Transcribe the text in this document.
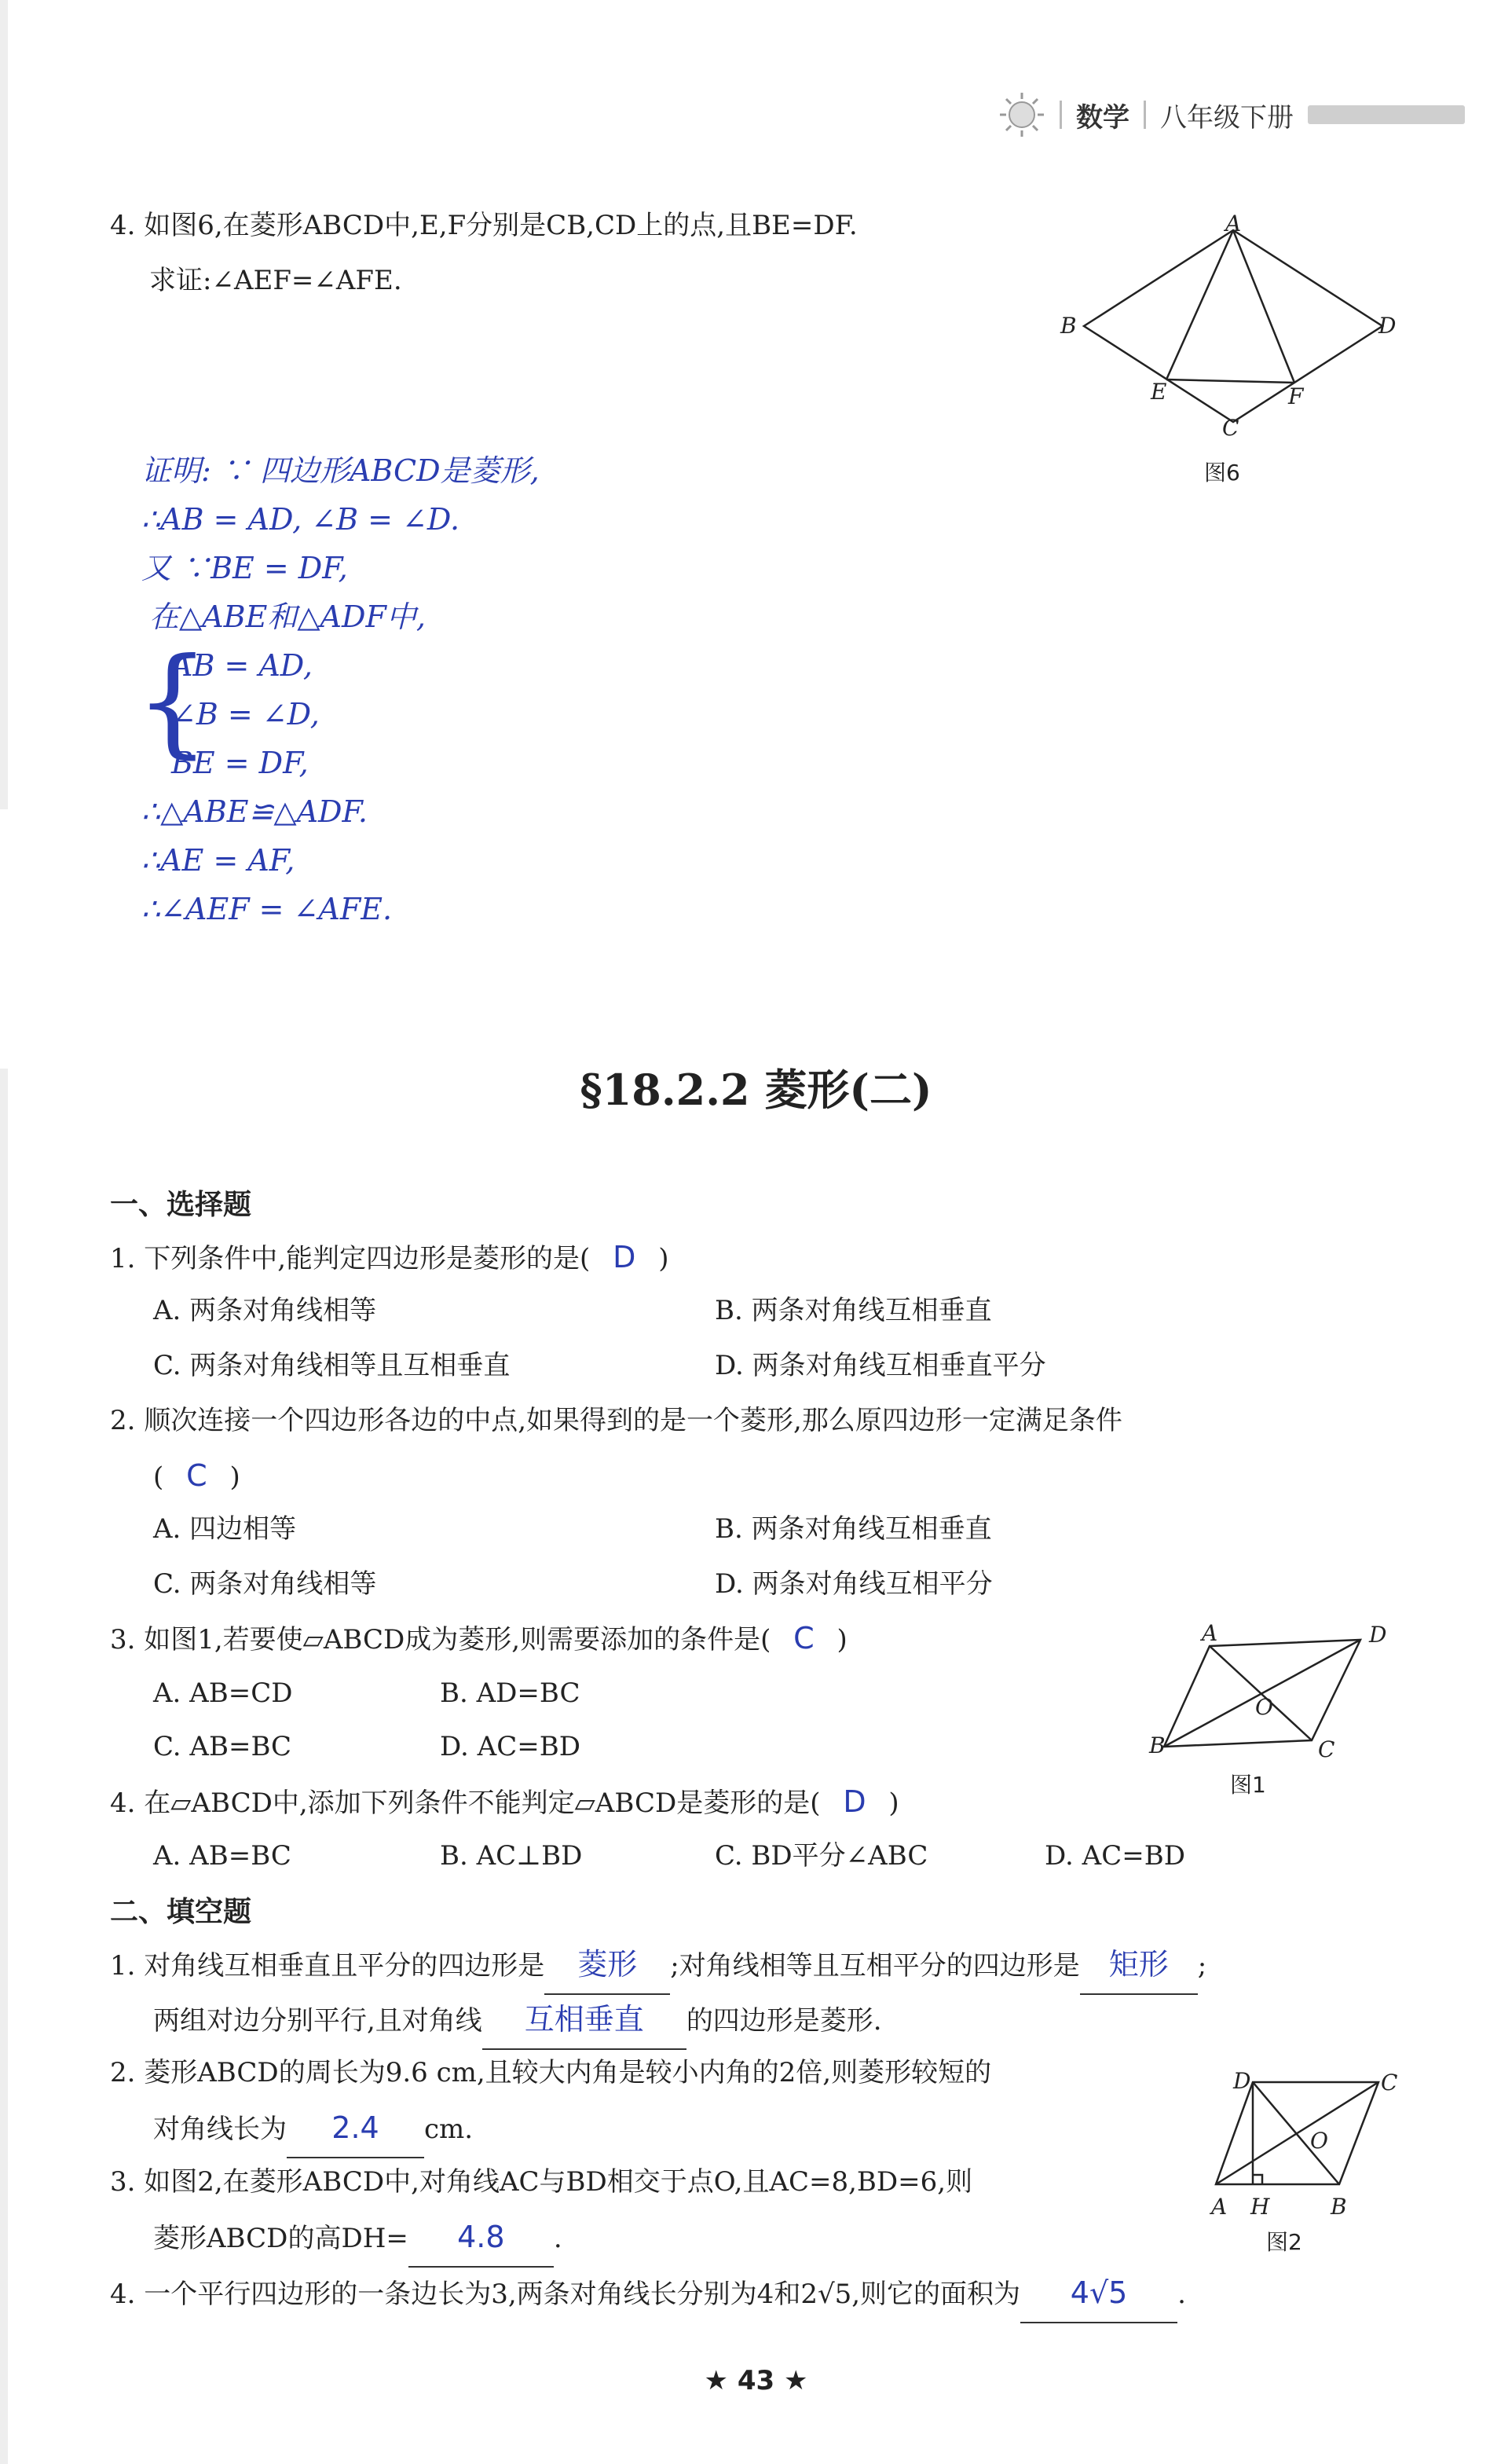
数学 八年级下册
4. 如图6,在菱形ABCD中,E,F分别是CB,CD上的点,且BE=DF.
求证:∠AEF=∠AFE.
A
B	D
E	F
C
图6
证明: ∵ 四边形ABCD是菱形,
∴AB = AD, ∠B = ∠D.
又 ∵BE = DF,
在△ABE和△ADF中,
{
AB = AD,
∠B = ∠D,
BE = DF,
∴△ABE≌△ADF.
∴AE = AF,
∴∠AEF = ∠AFE.
§18.2.2 菱形(二)
一、选择题
1. 下列条件中,能判定四边形是菱形的是( D )
A. 两条对角线相等	B. 两条对角线互相垂直
C. 两条对角线相等且互相垂直	D. 两条对角线互相垂直平分
2. 顺次连接一个四边形各边的中点,如果得到的是一个菱形,那么原四边形一定满足条件
( C )
A. 四边相等	B. 两条对角线互相垂直
C. 两条对角线相等	D. 两条对角线互相平分
3. 如图1,若要使▱ABCD成为菱形,则需要添加的条件是( C )
A. AB=CD	B. AD=BC
C. AB=BC	D. AC=BD
A	D
O
B	C
图1
4. 在▱ABCD中,添加下列条件不能判定▱ABCD是菱形的是( D )
A. AB=BC	B. AC⊥BD	C. BD平分∠ABC	D. AC=BD
二、填空题
1. 对角线互相垂直且平分的四边形是 菱形 ;对角线相等且互相平分的四边形是 矩形 ;
两组对边分别平行,且对角线 互相垂直 的四边形是菱形.
2. 菱形ABCD的周长为9.6 cm,且较大内角是较小内角的2倍,则菱形较短的
对角线长为 2.4 cm.
3. 如图2,在菱形ABCD中,对角线AC与BD相交于点O,且AC=8,BD=6,则
菱形ABCD的高DH= 4.8 .
D	C
O
A H	B
图2
4. 一个平行四边形的一条边长为3,两条对角线长分别为4和2√5,则它的面积为 4√5 .
★ 43 ★
